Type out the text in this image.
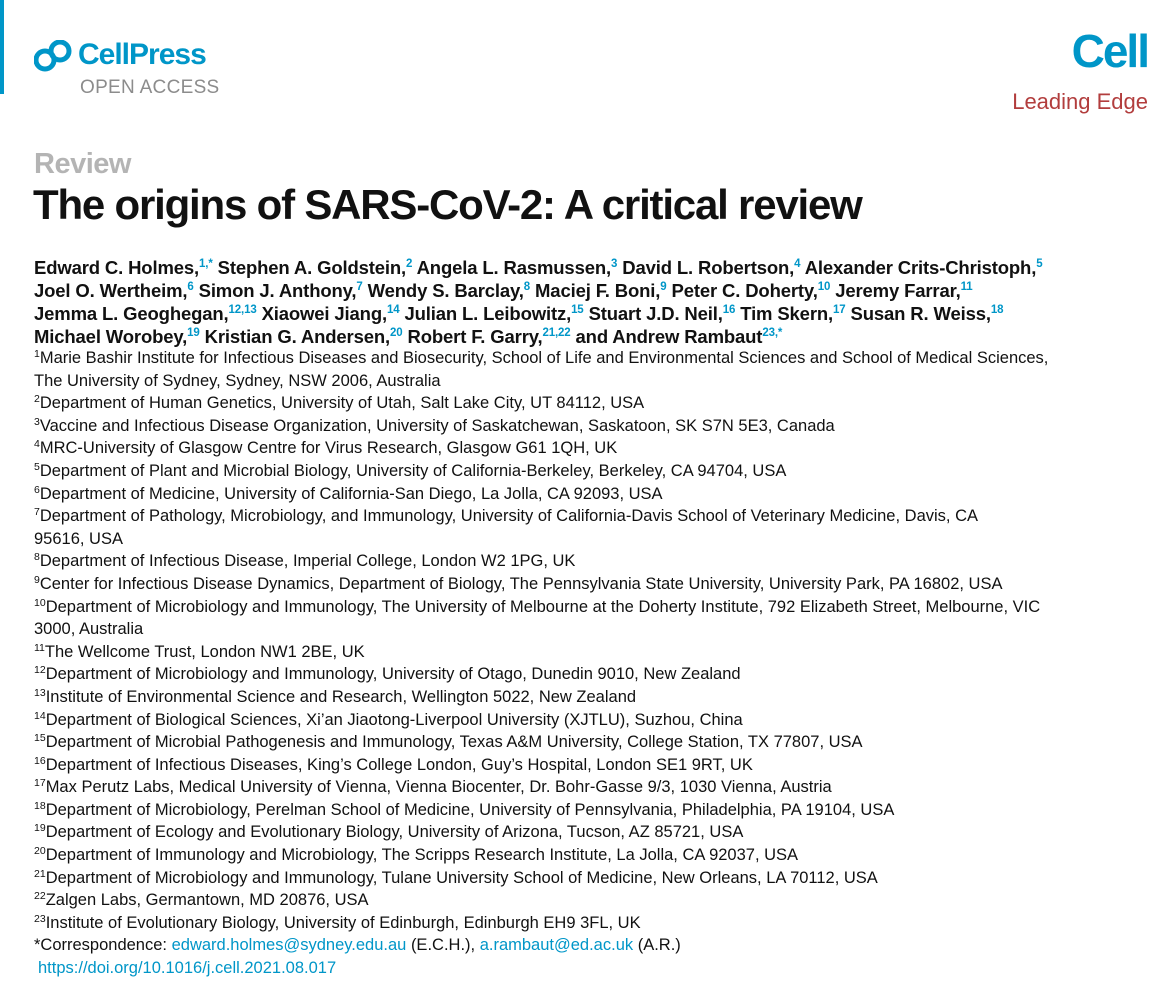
CellPress
OPEN ACCESS
Cell
Leading Edge
Review
The origins of SARS-CoV-2: A critical review
Edward C. Holmes,$^{1,*}$ Stephen A. Goldstein,$^2$ Angela L. Rasmussen,$^3$ David L. Robertson,$^4$ Alexander Crits-Christoph,$^5$
Joel O. Wertheim,$^6$ Simon J. Anthony,$^7$ Wendy S. Barclay,$^8$ Maciej F. Boni,$^9$ Peter C. Doherty,$^{10}$ Jeremy Farrar,$^{11}$
Jemma L. Geoghegan,$^{12,13}$ Xiaowei Jiang,$^{14}$ Julian L. Leibowitz,$^{15}$ Stuart J.D. Neil,$^{16}$ Tim Skern,$^{17}$ Susan R. Weiss,$^{18}$
Michael Worobey,$^{19}$ Kristian G. Andersen,$^{20}$ Robert F. Garry,$^{21,22}$ and Andrew Rambaut$^{23,*}$
$^1$Marie Bashir Institute for Infectious Diseases and Biosecurity, School of Life and Environmental Sciences and School of Medical Sciences,
The University of Sydney, Sydney, NSW 2006, Australia
$^2$Department of Human Genetics, University of Utah, Salt Lake City, UT 84112, USA
$^3$Vaccine and Infectious Disease Organization, University of Saskatchewan, Saskatoon, SK S7N 5E3, Canada
$^4$MRC-University of Glasgow Centre for Virus Research, Glasgow G61 1QH, UK
$^5$Department of Plant and Microbial Biology, University of California-Berkeley, Berkeley, CA 94704, USA
$^6$Department of Medicine, University of California-San Diego, La Jolla, CA 92093, USA
$^7$Department of Pathology, Microbiology, and Immunology, University of California-Davis School of Veterinary Medicine, Davis, CA
95616, USA
$^8$Department of Infectious Disease, Imperial College, London W2 1PG, UK
$^9$Center for Infectious Disease Dynamics, Department of Biology, The Pennsylvania State University, University Park, PA 16802, USA
$^{10}$Department of Microbiology and Immunology, The University of Melbourne at the Doherty Institute, 792 Elizabeth Street, Melbourne, VIC
3000, Australia
$^{11}$The Wellcome Trust, London NW1 2BE, UK
$^{12}$Department of Microbiology and Immunology, University of Otago, Dunedin 9010, New Zealand
$^{13}$Institute of Environmental Science and Research, Wellington 5022, New Zealand
$^{14}$Department of Biological Sciences, Xi’an Jiaotong-Liverpool University (XJTLU), Suzhou, China
$^{15}$Department of Microbial Pathogenesis and Immunology, Texas A&M University, College Station, TX 77807, USA
$^{16}$Department of Infectious Diseases, King’s College London, Guy’s Hospital, London SE1 9RT, UK
$^{17}$Max Perutz Labs, Medical University of Vienna, Vienna Biocenter, Dr. Bohr-Gasse 9/3, 1030 Vienna, Austria
$^{18}$Department of Microbiology, Perelman School of Medicine, University of Pennsylvania, Philadelphia, PA 19104, USA
$^{19}$Department of Ecology and Evolutionary Biology, University of Arizona, Tucson, AZ 85721, USA
$^{20}$Department of Immunology and Microbiology, The Scripps Research Institute, La Jolla, CA 92037, USA
$^{21}$Department of Microbiology and Immunology, Tulane University School of Medicine, New Orleans, LA 70112, USA
$^{22}$Zalgen Labs, Germantown, MD 20876, USA
$^{23}$Institute of Evolutionary Biology, University of Edinburgh, Edinburgh EH9 3FL, UK
*Correspondence: edward.holmes@sydney.edu.au (E.C.H.), a.rambaut@ed.ac.uk (A.R.)
https://doi.org/10.1016/j.cell.2021.08.017
